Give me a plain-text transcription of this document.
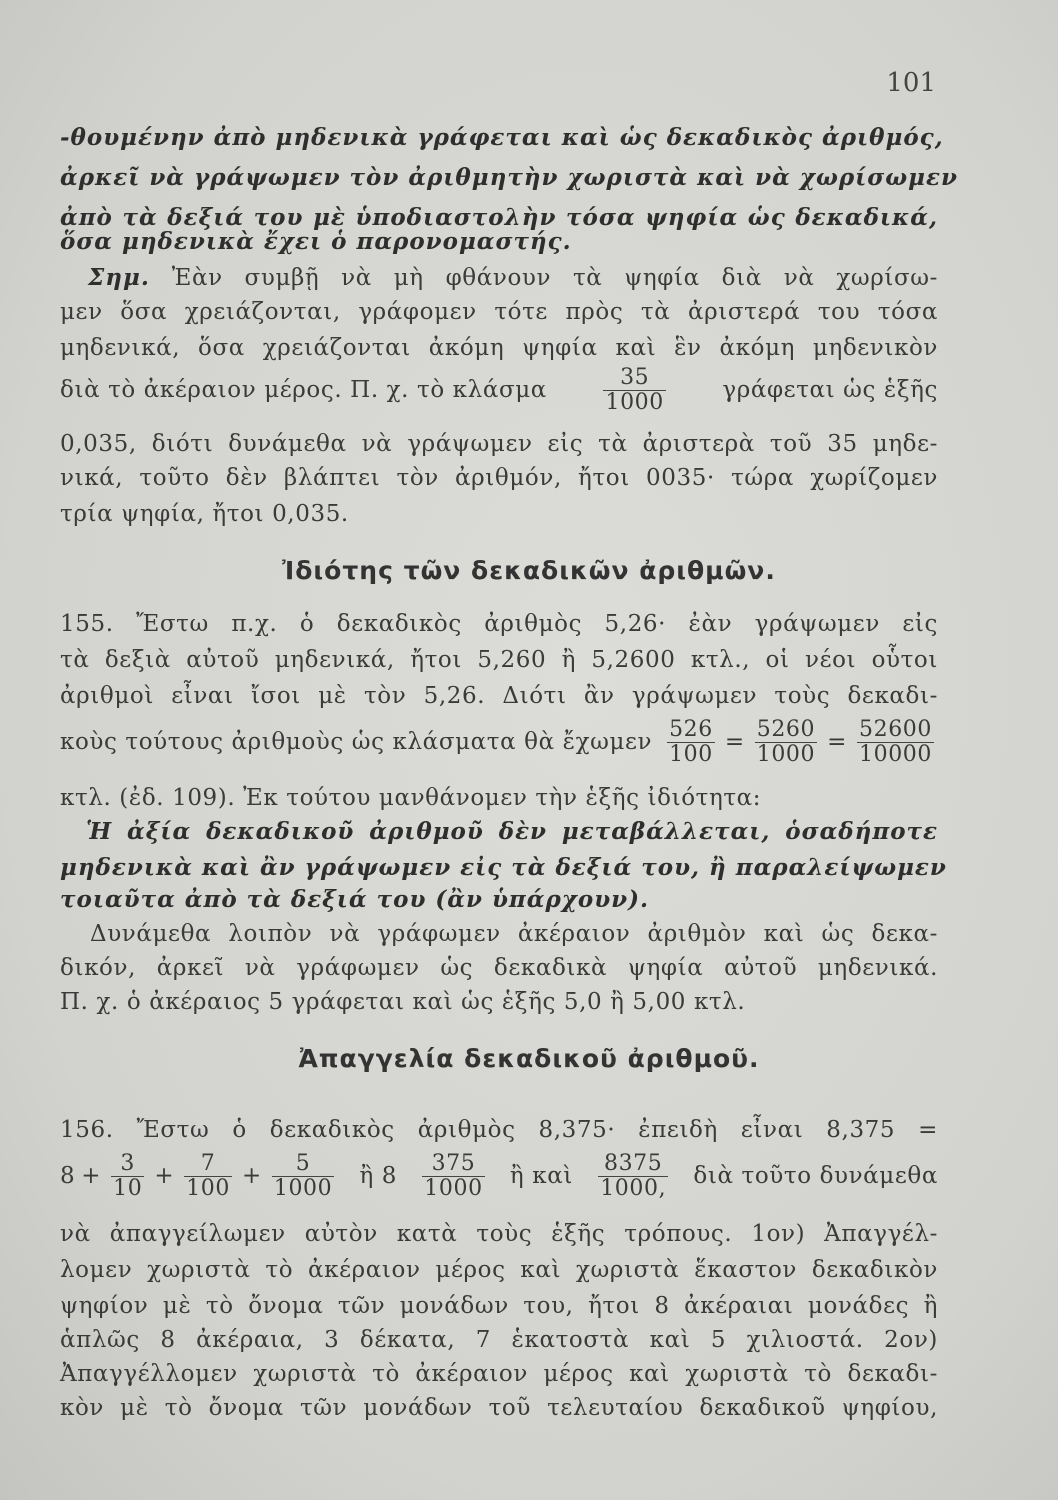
101
-θουμένην ἀπὸ μηδενικὰ γράφεται καὶ ὡς δεκαδικὸς ἀριθμός,
ἀρκεῖ νὰ γράψωμεν τὸν ἀριθμητὴν χωριστὰ καὶ νὰ χωρίσωμεν
ἀπὸ τὰ δεξιά του μὲ ὑποδιαστολὴν τόσα ψηφία ὡς δεκαδικά,
ὅσα μηδενικὰ ἔχει ὁ παρονομαστής.
Σημ. Ἐὰν συμβῇ νὰ μὴ φθάνουν τὰ ψηφία διὰ νὰ χωρίσω-
μεν ὅσα χρειάζονται, γράφομεν τότε πρὸς τὰ ἀριστερά του τόσα
μηδενικά, ὅσα χρειάζονται ἀκόμη ψηφία καὶ ἓν ἀκόμη μηδενικὸν
διὰ τὸ ἀκέραιον μέρος. Π. χ. τὸ κλάσμα	$\frac{35}{1000}$ γράφεται ὡς ἑξῆς
0,035, διότι δυνάμεθα νὰ γράψωμεν εἰς τὰ ἀριστερὰ τοῦ 35 μηδε-
νικά, τοῦτο δὲν βλάπτει τὸν ἀριθμόν, ἤτοι 0035· τώρα χωρίζομεν
τρία ψηφία, ἤτοι 0,035.
Ἰδιότης τῶν δεκαδικῶν ἀριθμῶν.
155. Ἔστω π.χ. ὁ δεκαδικὸς ἀριθμὸς 5,26· ἐὰν γράψωμεν εἰς
τὰ δεξιὰ αὐτοῦ μηδενικά, ἤτοι 5,260 ἢ 5,2600 κτλ., οἱ νέοι οὗτοι
ἀριθμοὶ εἶναι ἴσοι μὲ τὸν 5,26. Διότι ἂν γράψωμεν τοὺς δεκαδι-
κοὺς τούτους ἀριθμοὺς ὡς κλάσματα θὰ ἔχωμεν $\frac{526}{100} = \frac{5260}{1000} = \frac{52600}{10000}$
κτλ. (ἐδ. 109). Ἐκ τούτου μανθάνομεν τὴν ἑξῆς ἰδιότητα:
Ἡ ἀξία δεκαδικοῦ ἀριθμοῦ δὲν μεταβάλλεται, ὁσαδήποτε
μηδενικὰ καὶ ἂν γράψωμεν εἰς τὰ δεξιά του, ἢ παραλείψωμεν
τοιαῦτα ἀπὸ τὰ δεξιά του (ἂν ὑπάρχουν).
Δυνάμεθα λοιπὸν νὰ γράφωμεν ἀκέραιον ἀριθμὸν καὶ ὡς δεκα-
δικόν, ἀρκεῖ νὰ γράφωμεν ὡς δεκαδικὰ ψηφία αὐτοῦ μηδενικά.
Π. χ. ὁ ἀκέραιος 5 γράφεται καὶ ὡς ἑξῆς 5,0 ἢ 5,00 κτλ.
Ἀπαγγελία δεκαδικοῦ ἀριθμοῦ.
156. Ἔστω ὁ δεκαδικὸς ἀριθμὸς 8,375· ἐπειδὴ εἶναι 8,375 =
$8 + \frac{3}{10} + \frac{7}{100} + \frac{5}{1000}$ ἢ $8 \frac{375}{1000}$ ἢ καὶ $\frac{8375}{1000,}$ διὰ τοῦτο δυνάμεθα
νὰ ἀπαγγείλωμεν αὐτὸν κατὰ τοὺς ἑξῆς τρόπους. 1ον) Ἀπαγγέλ-
λομεν χωριστὰ τὸ ἀκέραιον μέρος καὶ χωριστὰ ἕκαστον δεκαδικὸν
ψηφίον μὲ τὸ ὄνομα τῶν μονάδων του, ἤτοι 8 ἀκέραιαι μονάδες ἢ
ἁπλῶς 8 ἀκέραια, 3 δέκατα, 7 ἑκατοστὰ καὶ 5 χιλιοστά. 2ον)
Ἀπαγγέλλομεν χωριστὰ τὸ ἀκέραιον μέρος καὶ χωριστὰ τὸ δεκαδι-
κὸν μὲ τὸ ὄνομα τῶν μονάδων τοῦ τελευταίου δεκαδικοῦ ψηφίου,
